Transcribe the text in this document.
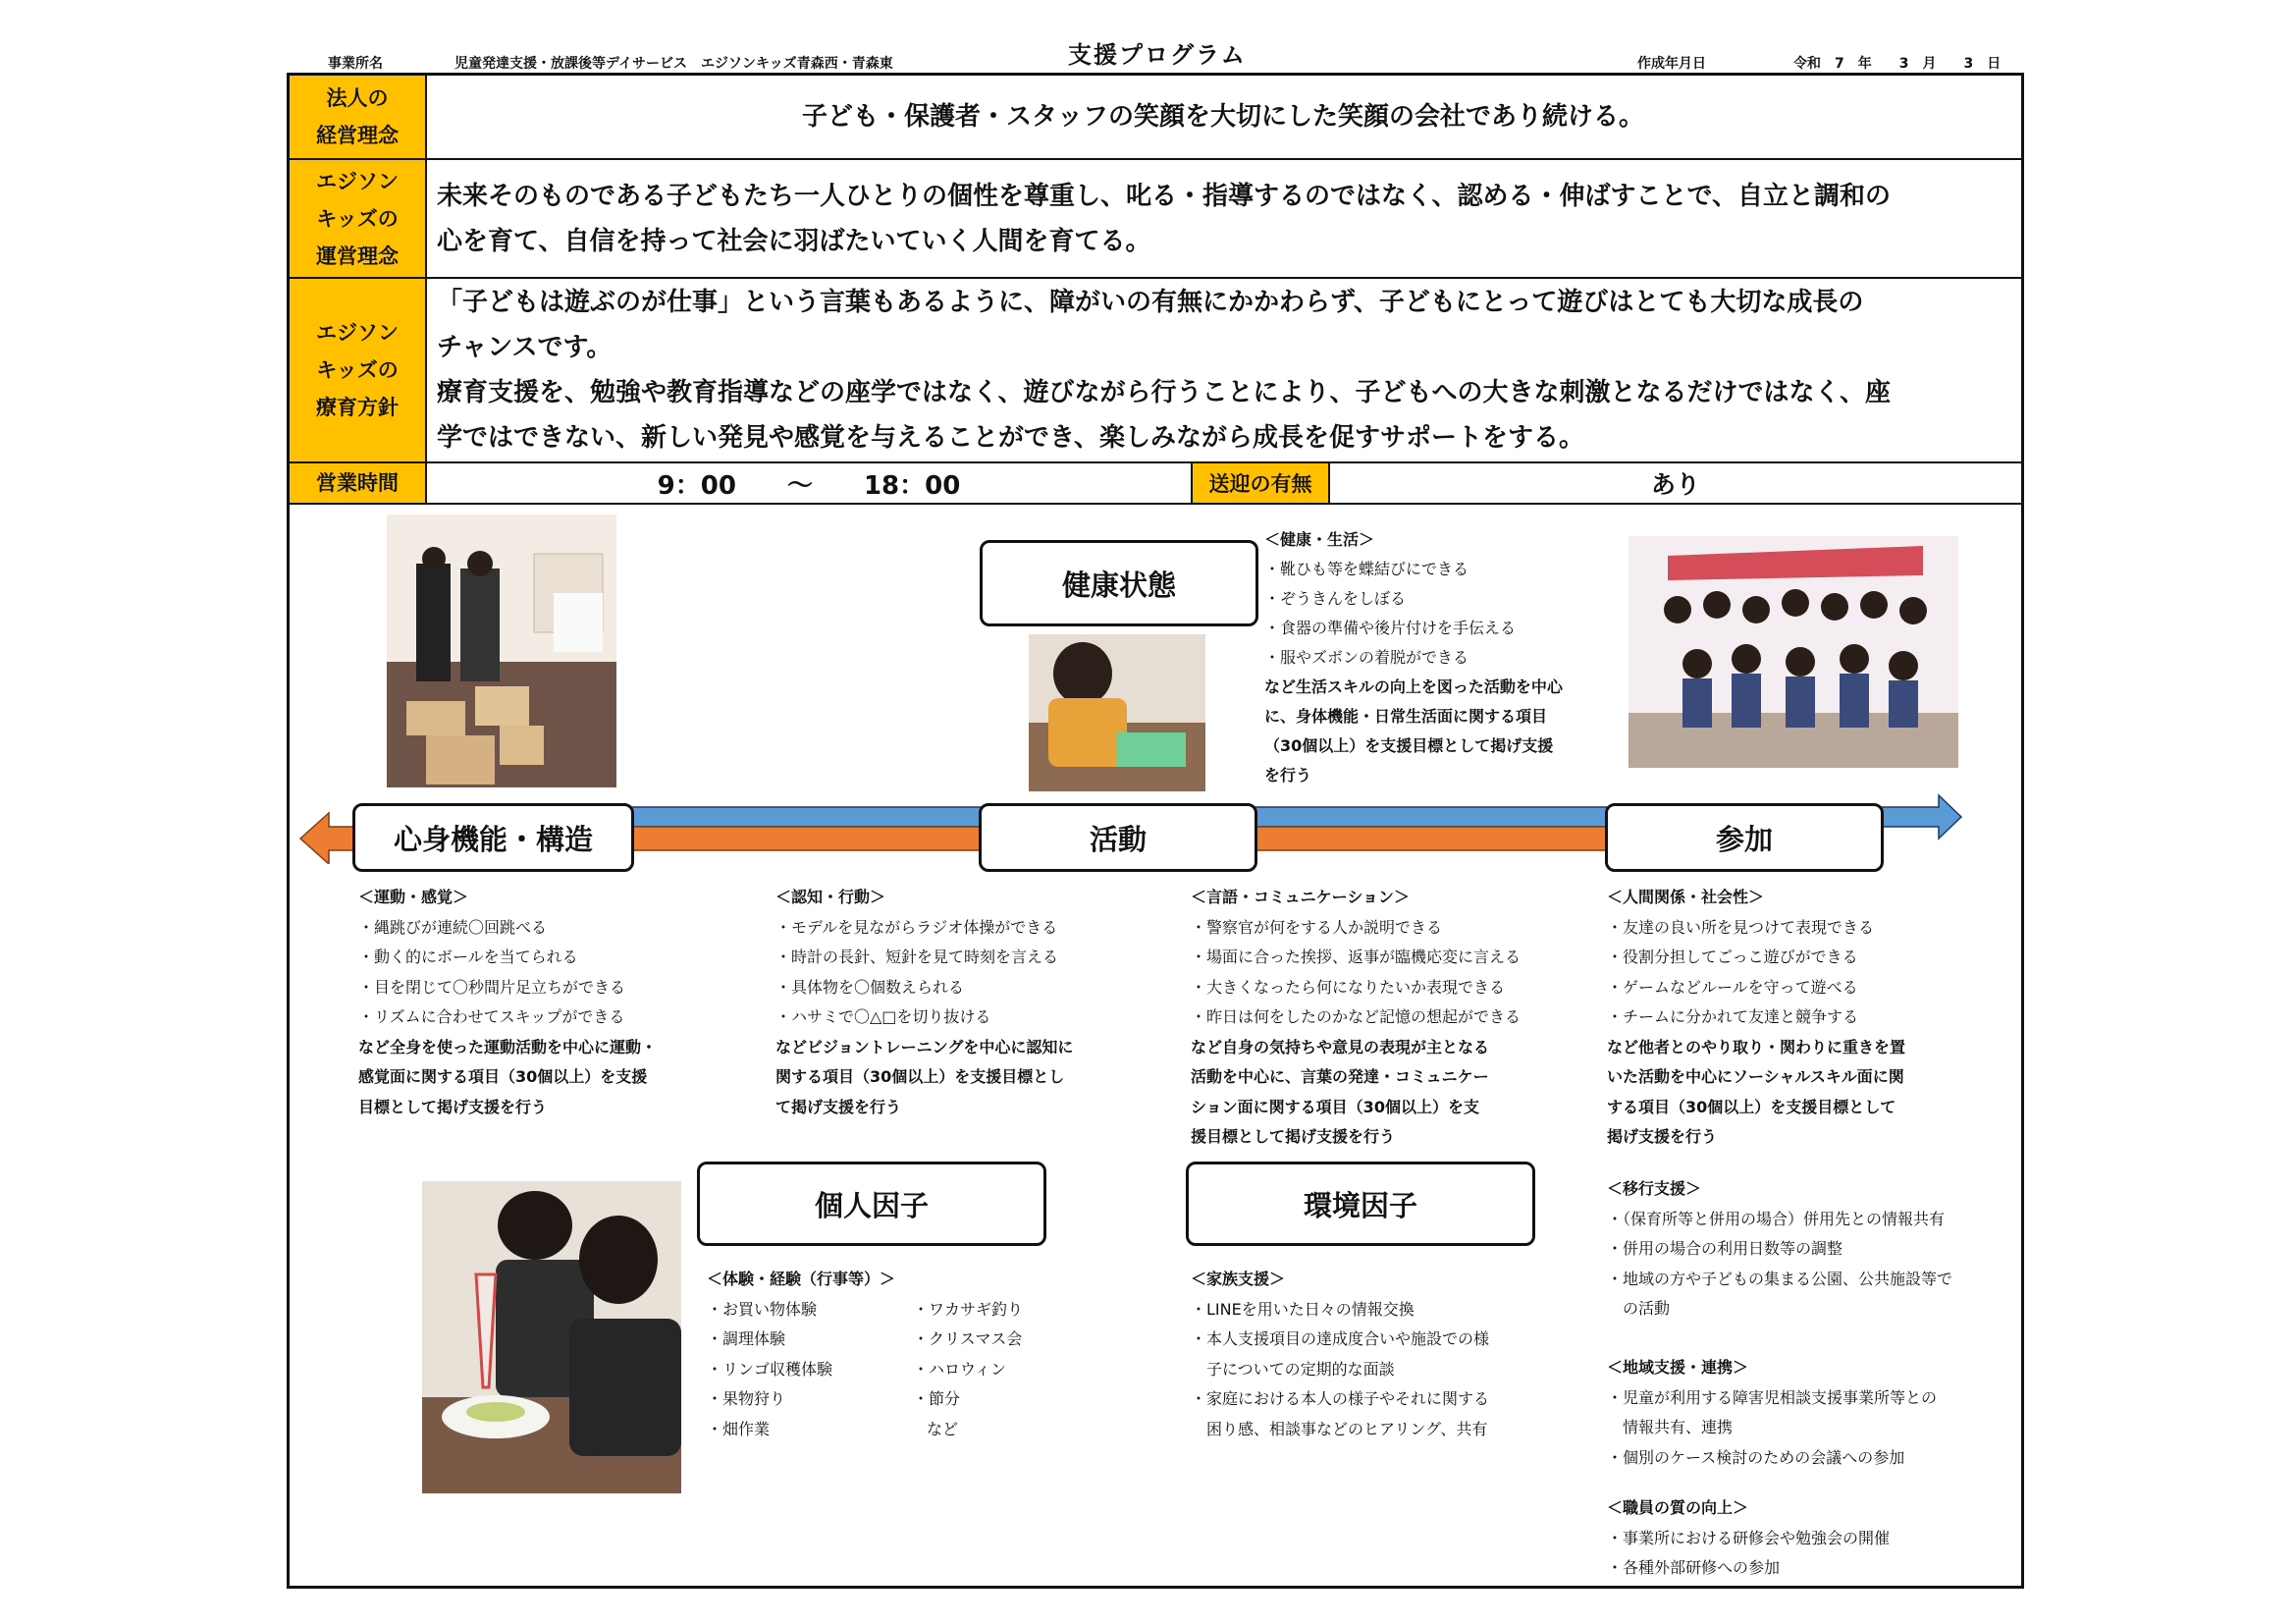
事業所名	児童発達支援・放課後等デイサービス　エジソンキッズ青森西・青森東	支援プログラム	作成年月日	令和　7　年　　3　月　　3　日
法人の
経営理念
子ども・保護者・スタッフの笑顔を大切にした笑顔の会社であり続ける。
エジソン
キッズの
運営理念
未来そのものである子どもたち一人ひとりの個性を尊重し、叱る・指導するのではなく、認める・伸ばすことで、自立と調和の
心を育て、自信を持って社会に羽ばたいていく人間を育てる。
エジソン
キッズの
療育方針
「子どもは遊ぶのが仕事」という言葉もあるように、障がいの有無にかかわらず、子どもにとって遊びはとても大切な成長の
チャンスです。
療育支援を、勉強や教育指導などの座学ではなく、遊びながら行うことにより、子どもへの大きな刺激となるだけではなく、座
学ではできない、新しい発見や感覚を与えることができ、楽しみながら成長を促すサポートをする。
営業時間	9：00　　～　　18：00	送迎の有無	あり
健康状態
心身機能・構造	活動	参加
個人因子	環境因子
＜健康・生活＞
・靴ひも等を蝶結びにできる
・ぞうきんをしぼる
・食器の準備や後片付けを手伝える
・服やズボンの着脱ができる
など生活スキルの向上を図った活動を中心
に、身体機能・日常生活面に関する項目
（30個以上）を支援目標として掲げ支援
を行う
＜運動・感覚＞
・縄跳びが連続〇回跳べる
・動く的にボールを当てられる
・目を閉じて〇秒間片足立ちができる
・リズムに合わせてスキップができる
など全身を使った運動活動を中心に運動・
感覚面に関する項目（30個以上）を支援
目標として掲げ支援を行う
＜認知・行動＞
・モデルを見ながらラジオ体操ができる
・時計の長針、短針を見て時刻を言える
・具体物を〇個数えられる
・ハサミで〇△□を切り抜ける
などビジョントレーニングを中心に認知に
関する項目（30個以上）を支援目標とし
て掲げ支援を行う
＜言語・コミュニケーション＞
・警察官が何をする人か説明できる
・場面に合った挨拶、返事が臨機応変に言える
・大きくなったら何になりたいか表現できる
・昨日は何をしたのかなど記憶の想起ができる
など自身の気持ちや意見の表現が主となる
活動を中心に、言葉の発達・コミュニケー
ション面に関する項目（30個以上）を支
援目標として掲げ支援を行う
＜人間関係・社会性＞
・友達の良い所を見つけて表現できる
・役割分担してごっこ遊びができる
・ゲームなどルールを守って遊べる
・チームに分かれて友達と競争する
など他者とのやり取り・関わりに重きを置
いた活動を中心にソーシャルスキル面に関
する項目（30個以上）を支援目標として
掲げ支援を行う
＜移行支援＞
・（保育所等と併用の場合）併用先との情報共有
・併用の場合の利用日数等の調整
・地域の方や子どもの集まる公園、公共施設等で
　の活動
＜地域支援・連携＞
・児童が利用する障害児相談支援事業所等との
　情報共有、連携
・個別のケース検討のための会議への参加
＜職員の質の向上＞
・事業所における研修会や勉強会の開催
・各種外部研修への参加
＜体験・経験（行事等）＞
・お買い物体験
・調理体験
・リンゴ収穫体験
・果物狩り
・畑作業
・ワカサギ釣り
・クリスマス会
・ハロウィン
・節分
など
＜家族支援＞
・LINEを用いた日々の情報交換
・本人支援項目の達成度合いや施設での様
　子についての定期的な面談
・家庭における本人の様子やそれに関する
　困り感、相談事などのヒアリング、共有
